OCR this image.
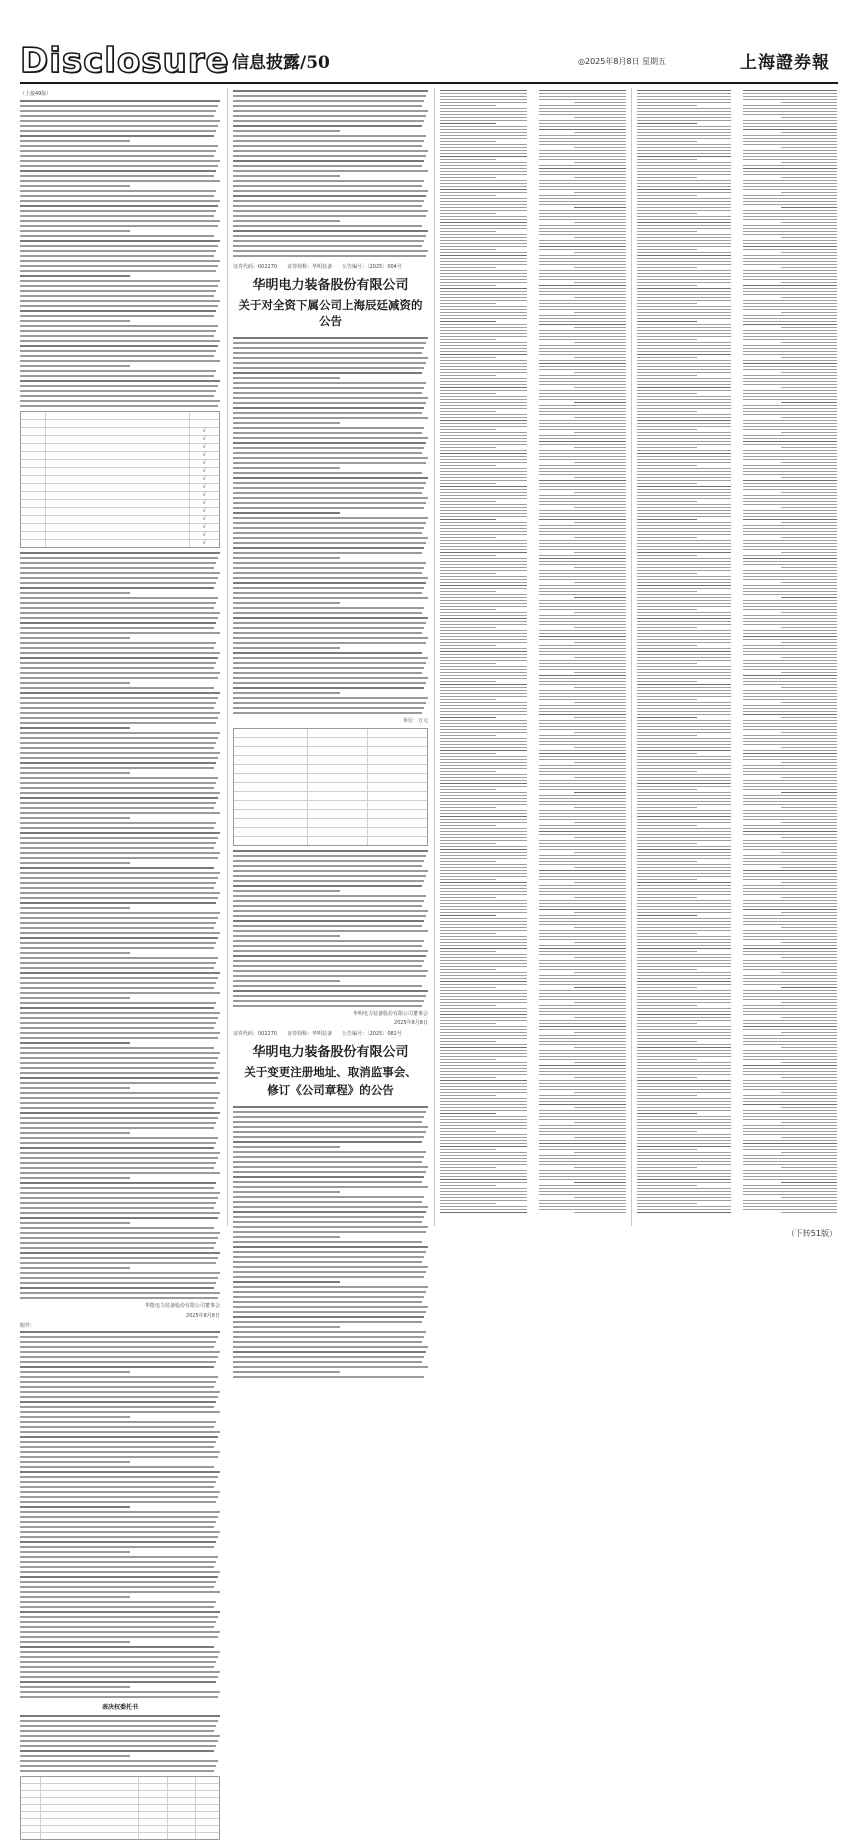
Disclosure 信息披露/50	◎2025年8月8日 星期五	上海證券報
（上接49版）
√
√
√
√
√
√
√
√
√
√
√
√
√
√
√
华能电力装备股份有限公司董事会
2025年8月8日
附件：
表决权委托书
证券代码：002270　　证券简称：华明装备　　公告编号：〔2025〕004号
华明电力装备股份有限公司
关于对全资下属公司上海辰廷减资的公告
单位：万元
华明电力装备股份有限公司董事会
2025年8月8日
证券代码：002270　　证券简称：华明装备　　公告编号：〔2025〕082号
华明电力装备股份有限公司
关于变更注册地址、取消监事会、
修订《公司章程》的公告
（下转51版）
